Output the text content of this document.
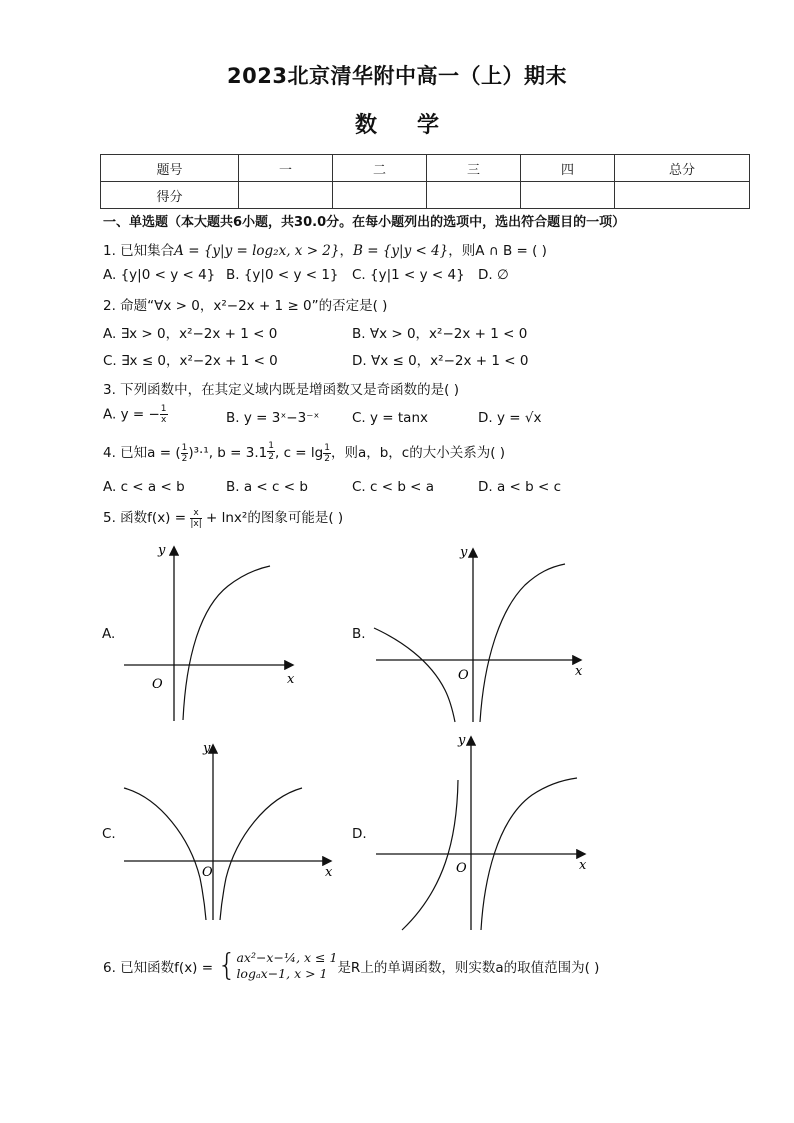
2023北京清华附中高一（上）期末
数学
题号	一	二	三	四	总分
得分					
一、单选题（本大题共6小题，共30.0分。在每小题列出的选项中，选出符合题目的一项）
1. 已知集合A = {y|y = log₂x, x > 2}，B = {y|y < 4}，则A ∩ B = ( )
A. {y|0 < y < 4} B. {y|0 < y < 1} C. {y|1 < y < 4} D. ∅
2. 命题“∀x > 0，x²−2x + 1 ≥ 0”的否定是( )
A. ∃x > 0，x²−2x + 1 < 0	B. ∀x > 0，x²−2x + 1 < 0
C. ∃x ≤ 0，x²−2x + 1 < 0	D. ∀x ≤ 0，x²−2x + 1 < 0
3. 下列函数中，在其定义域内既是增函数又是奇函数的是( )
A. y = − $\frac{1}{x}$	B. y = 3ˣ−3⁻ˣ C. y = tanx	D. y = √x
4. 已知a = ( $\frac{1}{2} )^3\cdot^1$, $b = 3.1 \frac{1}{2}$ , $c = \lg \frac{1}{2}$ ，则a，b，c的大小关系为( )
A. c < a < b	B. a < c < b	C. c < b < a	D. a < b < c
5. 函数$f(x) = \frac{x}{|x|} + \ln x^2$的图象可能是( )
A.	B.
C.	D.
y
x
O
y
x
O
y
x
O
y
x
O
6. 已知函数f(x) = { ax²−x−¼, x ≤ 1
logₐx−1, x > 1 是R上的单调函数，则实数a的取值范围为( )
